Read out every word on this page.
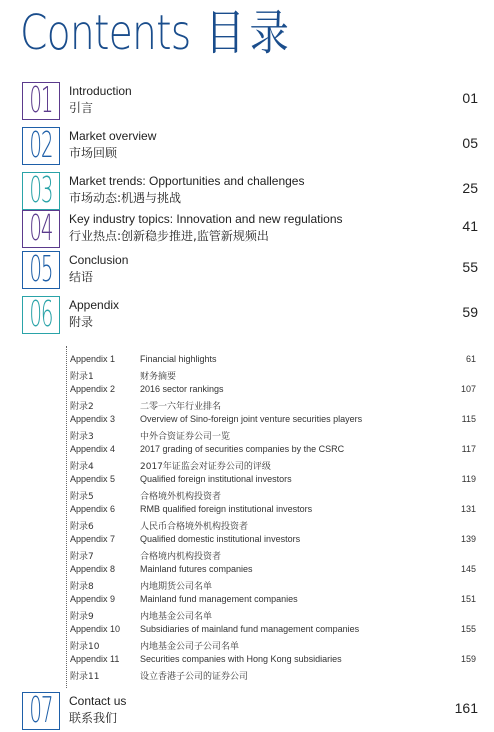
Contents 目录
01 Introduction
引言
01
02 Market overview
市场回顾
05
03 Market trends: Opportunities and challenges
市场动态:机遇与挑战
25
04 Key industry topics: Innovation and new regulations
行业热点:创新稳步推进,监管新规频出
41
05 Conclusion
结语
55
06 Appendix
附录
59
Appendix 1
附录1
Financial highlights
财务摘要
61
Appendix 2
附录2
2016 sector rankings
二零一六年行业排名
107
Appendix 3
附录3
Overview of Sino-foreign joint venture securities players
中外合资证券公司一览
115
Appendix 4
附录4
2017 grading of securities companies by the CSRC
2017年证监会对证券公司的评级
117
Appendix 5
附录5
Qualified foreign institutional investors
合格境外机构投资者
119
Appendix 6
附录6
RMB qualified foreign institutional investors
人民币合格境外机构投资者
131
Appendix 7
附录7
Qualified domestic institutional investors
合格境内机构投资者
139
Appendix 8
附录8
Mainland futures companies
内地期货公司名单
145
Appendix 9
附录9
Mainland fund management companies
内地基金公司名单
151
Appendix 10
附录10
Subsidiaries of mainland fund management companies
内地基金公司子公司名单
155
Appendix 11
附录11
Securities companies with Hong Kong subsidiaries
设立香港子公司的证券公司
159
07 Contact us
联系我们
161
